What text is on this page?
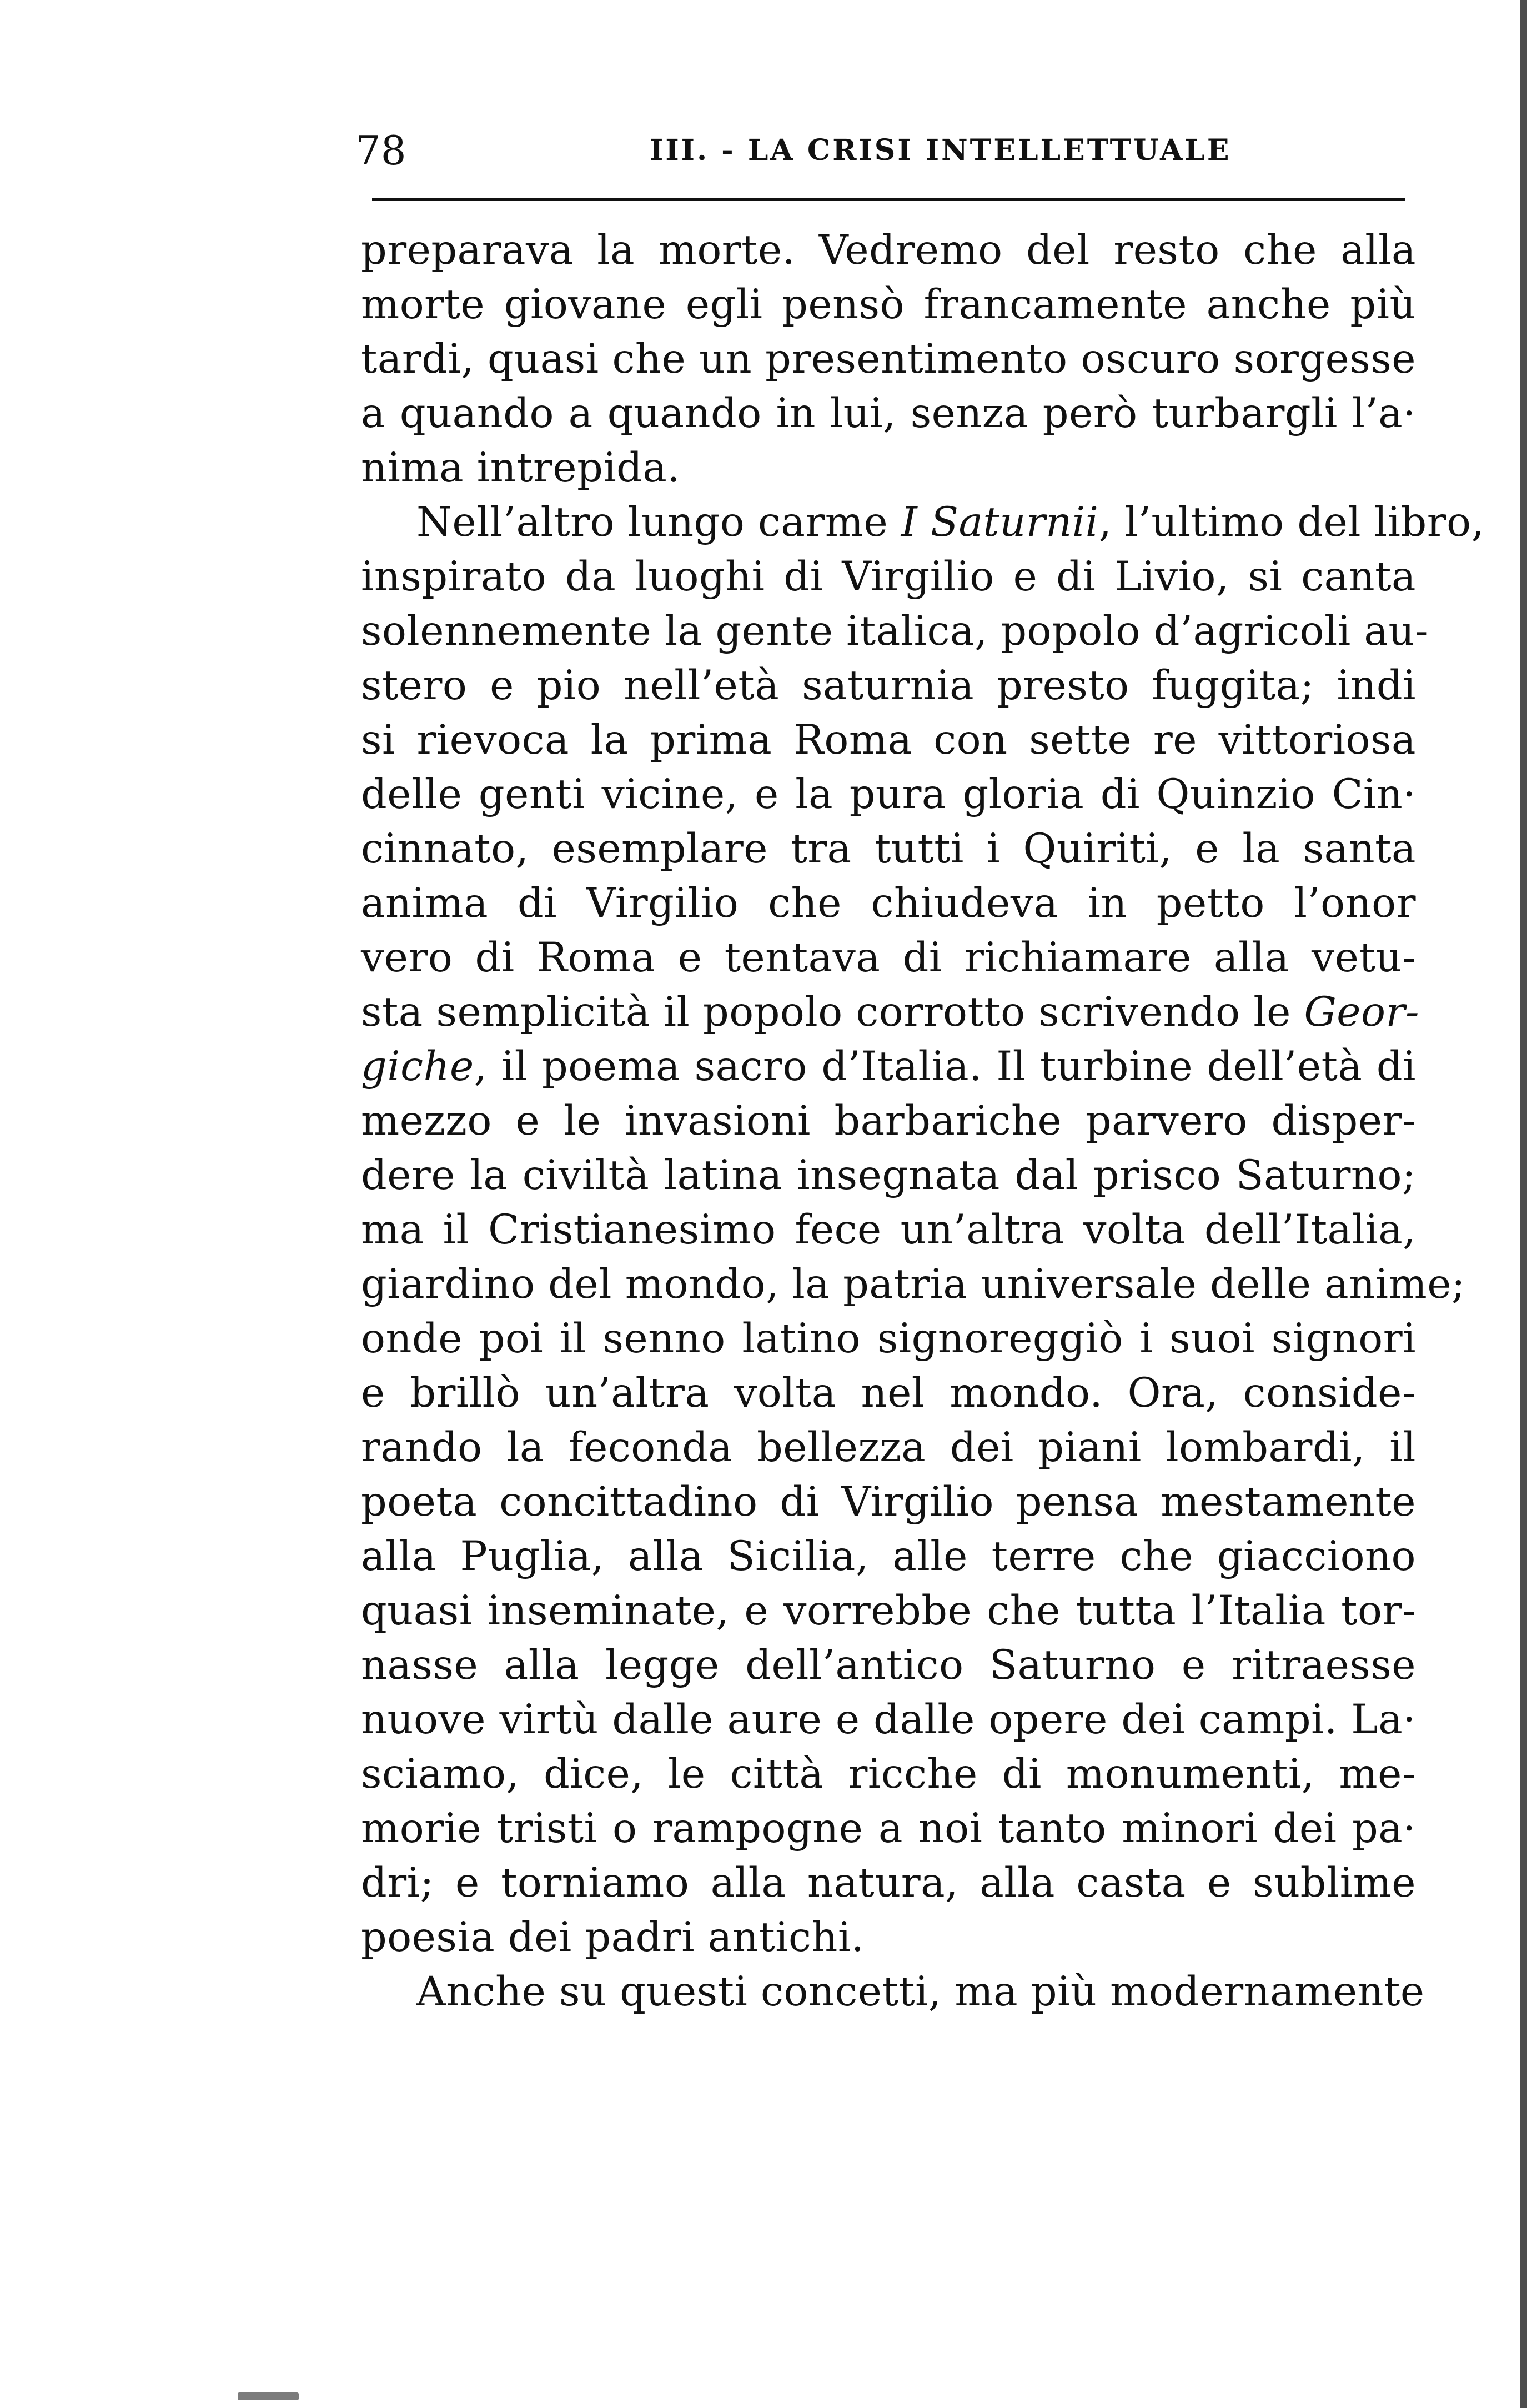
78	III. - LA CRISI INTELLETTUALE
preparava la morte. Vedremo del resto che alla
morte giovane egli pensò francamente anche più
tardi, quasi che un presentimento oscuro sorgesse
a quando a quando in lui, senza però turbargli l’a·
nima intrepida.
Nell’altro lungo carme I Saturnii, l’ultimo del libro,
inspirato da luoghi di Virgilio e di Livio, si canta
solennemente la gente italica, popolo d’agricoli au-
stero e pio nell’età saturnia presto fuggita; indi
si rievoca la prima Roma con sette re vittoriosa
delle genti vicine, e la pura gloria di Quinzio Cin·
cinnato, esemplare tra tutti i Quiriti, e la santa
anima di Virgilio che chiudeva in petto l’onor
vero di Roma e tentava di richiamare alla vetu-
sta semplicità il popolo corrotto scrivendo le Geor-
giche, il poema sacro d’Italia. Il turbine dell’età di
mezzo e le invasioni barbariche parvero disper-
dere la civiltà latina insegnata dal prisco Saturno;
ma il Cristianesimo fece un’altra volta dell’Italia,
giardino del mondo, la patria universale delle anime;
onde poi il senno latino signoreggiò i suoi signori
e brillò un’altra volta nel mondo. Ora, conside-
rando la feconda bellezza dei piani lombardi, il
poeta concittadino di Virgilio pensa mestamente
alla Puglia, alla Sicilia, alle terre che giacciono
quasi inseminate, e vorrebbe che tutta l’Italia tor-
nasse alla legge dell’antico Saturno e ritraesse
nuove virtù dalle aure e dalle opere dei campi. La·
sciamo, dice, le città ricche di monumenti, me-
morie tristi o rampogne a noi tanto minori dei pa·
dri; e torniamo alla natura, alla casta e sublime
poesia dei padri antichi.
Anche su questi concetti, ma più modernamente
